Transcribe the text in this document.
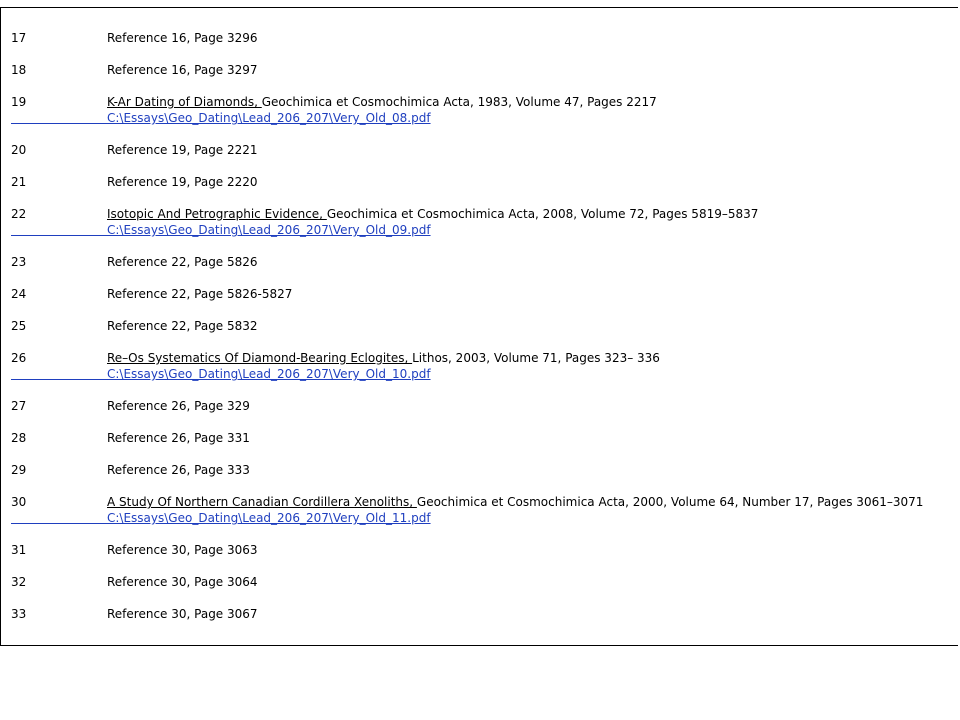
17	Reference 16, Page 3296
18	Reference 16, Page 3297
19	K-Ar Dating of Diamonds, Geochimica et Cosmochimica Acta, 1983, Volume 47, Pages 2217
C:\Essays\Geo_Dating\Lead_206_207\Very_Old_08.pdf
20	Reference 19, Page 2221
21	Reference 19, Page 2220
22	Isotopic And Petrographic Evidence, Geochimica et Cosmochimica Acta, 2008, Volume 72, Pages 5819–5837
C:\Essays\Geo_Dating\Lead_206_207\Very_Old_09.pdf
23	Reference 22, Page 5826
24	Reference 22, Page 5826-5827
25	Reference 22, Page 5832
26	Re–Os Systematics Of Diamond-Bearing Eclogites, Lithos, 2003, Volume 71, Pages 323– 336
C:\Essays\Geo_Dating\Lead_206_207\Very_Old_10.pdf
27	Reference 26, Page 329
28	Reference 26, Page 331
29	Reference 26, Page 333
30	A Study Of Northern Canadian Cordillera Xenoliths, Geochimica et Cosmochimica Acta, 2000, Volume 64, Number 17, Pages 3061–3071
C:\Essays\Geo_Dating\Lead_206_207\Very_Old_11.pdf
31	Reference 30, Page 3063
32	Reference 30, Page 3064
33	Reference 30, Page 3067
